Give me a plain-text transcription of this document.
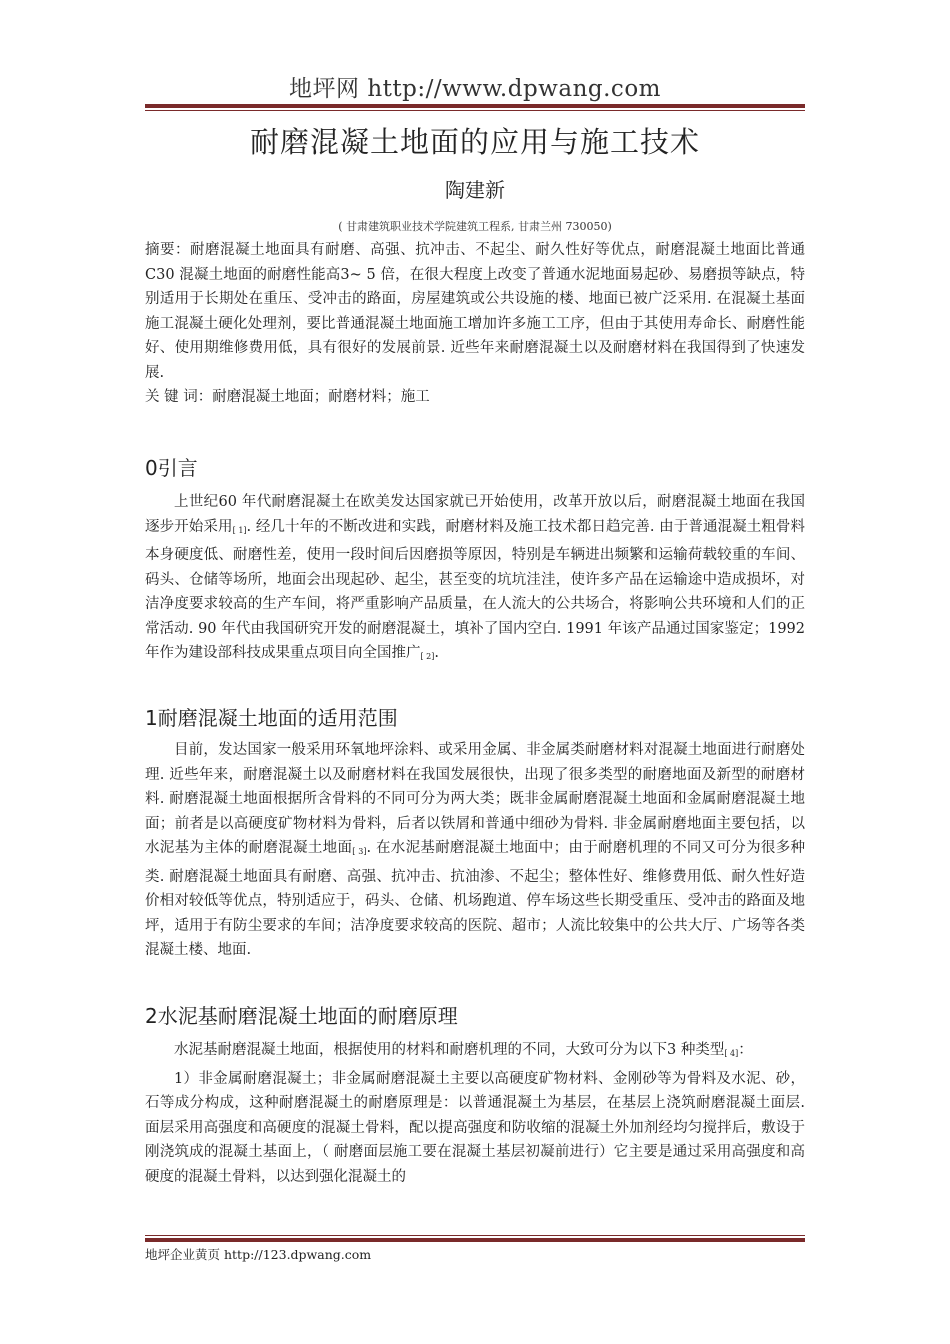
地坪网 http://www.dpwang.com
耐磨混凝土地面的应用与施工技术
陶建新
( 甘肃建筑职业技术学院建筑工程系, 甘肃兰州 730050)

摘要：耐磨混凝土地面具有耐磨、高强、抗冲击、不起尘、耐久性好等优点，耐磨混凝土地面比普通C30 混凝土地面的耐磨性能高3~ 5 倍，在很大程度上改变了普通水泥地面易起砂、易磨损等缺点，特别适用于长期处在重压、受冲击的路面，房屋建筑或公共设施的楼、地面已被广泛采用. 在混凝土基面施工混凝土硬化处理剂，要比普通混凝土地面施工增加许多施工工序，但由于其使用寿命长、耐磨性能好、使用期维修费用低，具有很好的发展前景. 近些年来耐磨混凝土以及耐磨材料在我国得到了快速发展.

关 键 词：耐磨混凝土地面；耐磨材料；施工

0引言

上世纪60 年代耐磨混凝土在欧美发达国家就已开始使用，改革开放以后，耐磨混凝土地面在我国逐步开始采用[ 1]. 经几十年的不断改进和实践，耐磨材料及施工技术都日趋完善. 由于普通混凝土粗骨料本身硬度低、耐磨性差，使用一段时间后因磨损等原因，特别是车辆进出频繁和运输荷载较重的车间、码头、仓储等场所，地面会出现起砂、起尘，甚至变的坑坑洼洼，使许多产品在运输途中造成损坏，对洁净度要求较高的生产车间，将严重影响产品质量，在人流大的公共场合，将影响公共环境和人们的正常活动. 90 年代由我国研究开发的耐磨混凝土，填补了国内空白. 1991 年该产品通过国家鉴定；1992 年作为建设部科技成果重点项目向全国推广[ 2].

1耐磨混凝土地面的适用范围

目前，发达国家一般采用环氧地坪涂料、或采用金属、非金属类耐磨材料对混凝土地面进行耐磨处理. 近些年来，耐磨混凝土以及耐磨材料在我国发展很快，出现了很多类型的耐磨地面及新型的耐磨材料. 耐磨混凝土地面根据所含骨料的不同可分为两大类；既非金属耐磨混凝土地面和金属耐磨混凝土地面；前者是以高硬度矿物材料为骨料，后者以铁屑和普通中细砂为骨料. 非金属耐磨地面主要包括，以水泥基为主体的耐磨混凝土地面[ 3]. 在水泥基耐磨混凝土地面中；由于耐磨机理的不同又可分为很多种类. 耐磨混凝土地面具有耐磨、高强、抗冲击、抗油渗、不起尘；整体性好、维修费用低、耐久性好造价相对较低等优点，特别适应于，码头、仓储、机场跑道、停车场这些长期受重压、受冲击的路面及地坪，适用于有防尘要求的车间；洁净度要求较高的医院、超市；人流比较集中的公共大厅、广场等各类混凝土楼、地面.

2水泥基耐磨混凝土地面的耐磨原理

水泥基耐磨混凝土地面，根据使用的材料和耐磨机理的不同，大致可分为以下3 种类型[ 4]：

1）非金属耐磨混凝土；非金属耐磨混凝土主要以高硬度矿物材料、金刚砂等为骨料及水泥、砂，石等成分构成，这种耐磨混凝土的耐磨原理是：以普通混凝土为基层，在基层上浇筑耐磨混凝土面层. 面层采用高强度和高硬度的混凝土骨料，配以提高强度和防收缩的混凝土外加剂经均匀搅拌后，敷设于刚浇筑成的混凝土基面上，（ 耐磨面层施工要在混凝土基层初凝前进行）它主要是通过采用高强度和高硬度的混凝土骨料，以达到强化混凝土的

地坪企业黄页 http://123.dpwang.com
